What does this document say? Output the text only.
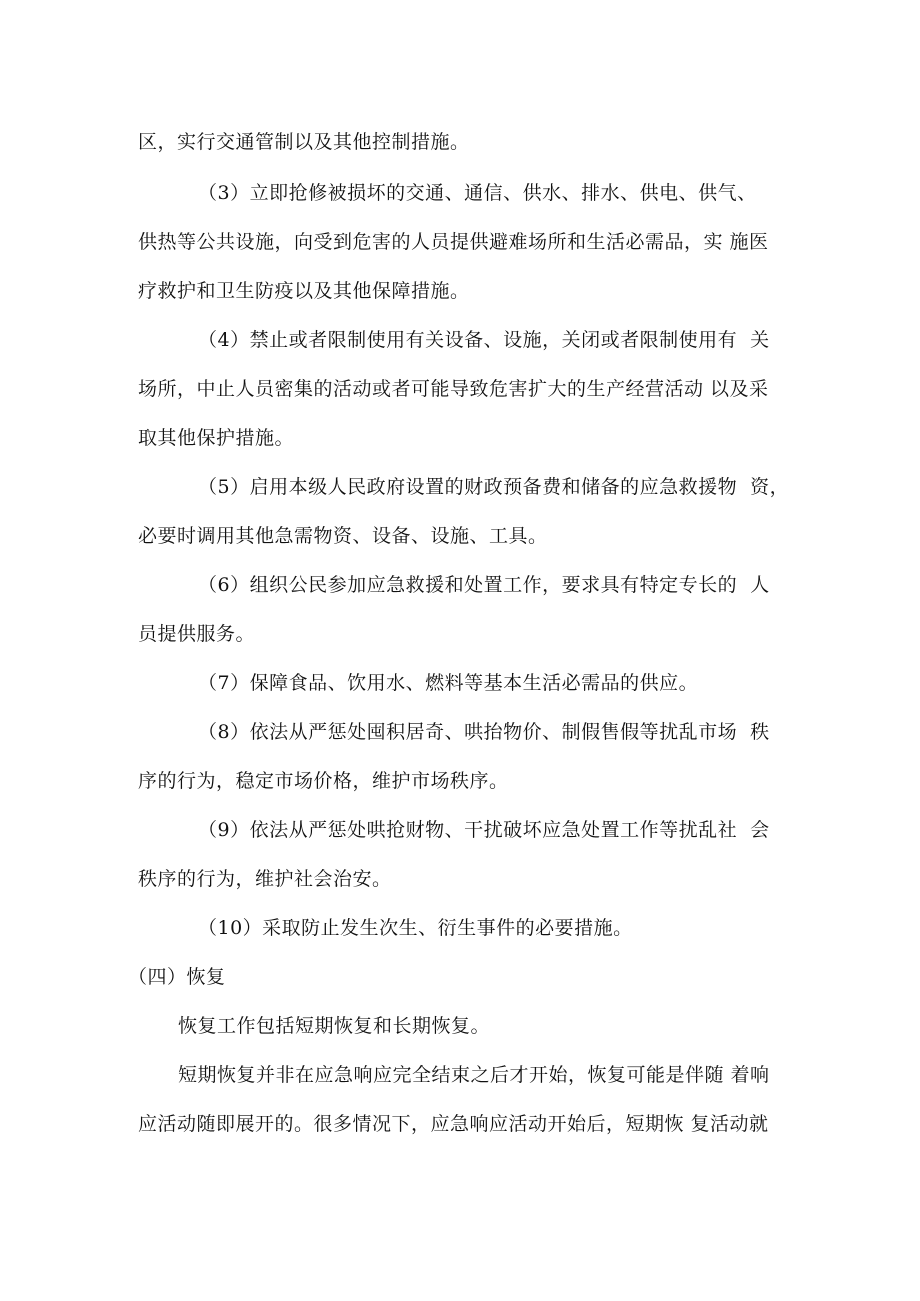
区，实行交通管制以及其他控制措施。
（3）立即抢修被损坏的交通、通信、供水、排水、供电、供气、
供热等公共设施，向受到危害的人员提供避难场所和生活必需品，实 施医
疗救护和卫生防疫以及其他保障措施。
（4）禁止或者限制使用有关设备、设施，关闭或者限制使用有  关
场所，中止人员密集的活动或者可能导致危害扩大的生产经营活动 以及采
取其他保护措施。
（5）启用本级人民政府设置的财政预备费和储备的应急救援物  资，
必要时调用其他急需物资、设备、设施、工具。
（6）组织公民参加应急救援和处置工作，要求具有特定专长的  人
员提供服务。
（7）保障食品、饮用水、燃料等基本生活必需品的供应。
（8）依法从严惩处囤积居奇、哄抬物价、制假售假等扰乱市场  秩
序的行为，稳定市场价格，维护市场秩序。
（9）依法从严惩处哄抢财物、干扰破坏应急处置工作等扰乱社  会
秩序的行为，维护社会治安。
（10）采取防止发生次生、衍生事件的必要措施。
（四）恢复
恢复工作包括短期恢复和长期恢复。
短期恢复并非在应急响应完全结束之后才开始，恢复可能是伴随 着响
应活动随即展开的。很多情况下，应急响应活动开始后，短期恢 复活动就
